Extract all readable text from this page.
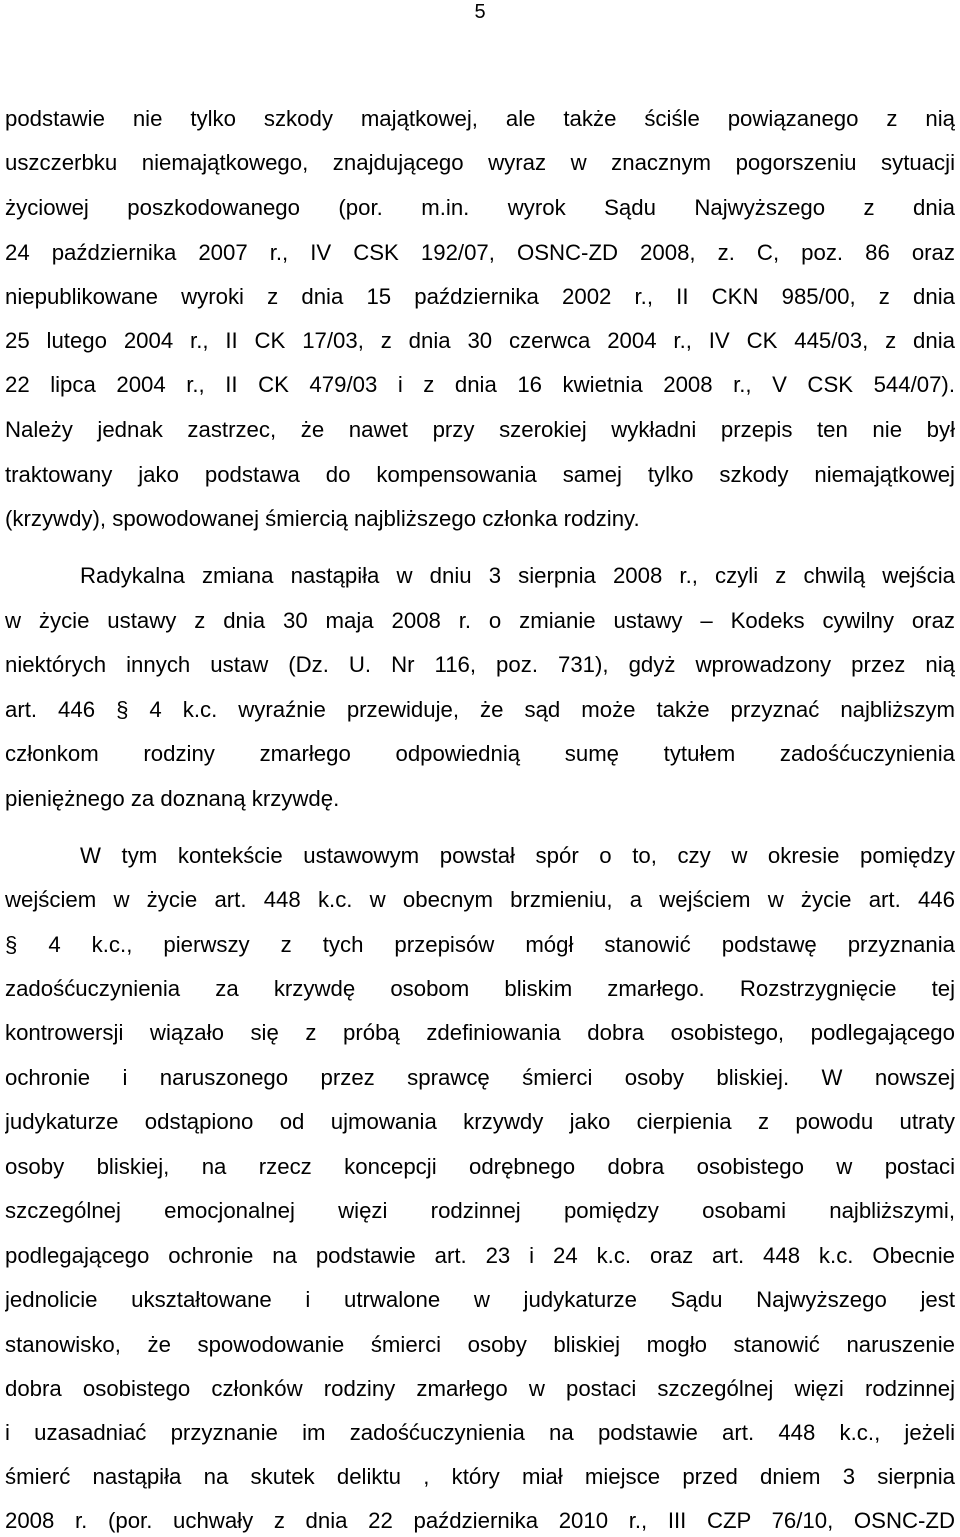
5
podstawie nie tylko szkody majątkowej, ale także ściśle powiązanego z nią
uszczerbku niemajątkowego, znajdującego wyraz w znacznym pogorszeniu sytuacji
życiowej poszkodowanego (por. m.in. wyrok Sądu Najwyższego z dnia
24 października 2007 r., IV CSK 192/07, OSNC-ZD 2008, z. C, poz. 86 oraz
niepublikowane wyroki z dnia 15 października 2002 r., II CKN 985/00, z dnia
25 lutego 2004 r., II CK 17/03, z dnia 30 czerwca 2004 r., IV CK 445/03, z dnia
22 lipca 2004 r., II CK 479/03 i z dnia 16 kwietnia 2008 r., V CSK 544/07).
Należy jednak zastrzec, że nawet przy szerokiej wykładni przepis ten nie był
traktowany jako podstawa do kompensowania samej tylko szkody niemajątkowej
(krzywdy), spowodowanej śmiercią najbliższego członka rodziny.
Radykalna zmiana nastąpiła w dniu 3 sierpnia 2008 r., czyli z chwilą wejścia
w życie ustawy z dnia 30 maja 2008 r. o zmianie ustawy – Kodeks cywilny oraz
niektórych innych ustaw (Dz. U. Nr 116, poz. 731), gdyż wprowadzony przez nią
art. 446 § 4 k.c. wyraźnie przewiduje, że sąd może także przyznać najbliższym
członkom rodziny zmarłego odpowiednią sumę tytułem zadośćuczynienia
pieniężnego za doznaną krzywdę.
W tym kontekście ustawowym powstał spór o to, czy w okresie pomiędzy
wejściem w życie art. 448 k.c. w obecnym brzmieniu, a wejściem w życie art. 446
§ 4 k.c., pierwszy z tych przepisów mógł stanowić podstawę przyznania
zadośćuczynienia za krzywdę osobom bliskim zmarłego. Rozstrzygnięcie tej
kontrowersji wiązało się z próbą zdefiniowania dobra osobistego, podlegającego
ochronie i naruszonego przez sprawcę śmierci osoby bliskiej. W nowszej
judykaturze odstąpiono od ujmowania krzywdy jako cierpienia z powodu utraty
osoby bliskiej, na rzecz koncepcji odrębnego dobra osobistego w postaci
szczególnej emocjonalnej więzi rodzinnej pomiędzy osobami najbliższymi,
podlegającego ochronie na podstawie art. 23 i 24 k.c. oraz art. 448 k.c. Obecnie
jednolicie ukształtowane i utrwalone w judykaturze Sądu Najwyższego jest
stanowisko, że spowodowanie śmierci osoby bliskiej mogło stanowić naruszenie
dobra osobistego członków rodziny zmarłego w postaci szczególnej więzi rodzinnej
i uzasadniać przyznanie im zadośćuczynienia na podstawie art. 448 k.c., jeżeli
śmierć nastąpiła na skutek deliktu , który miał miejsce przed dniem 3 sierpnia
2008 r. (por. uchwały z dnia 22 października 2010 r., III CZP 76/10, OSNC-ZD
